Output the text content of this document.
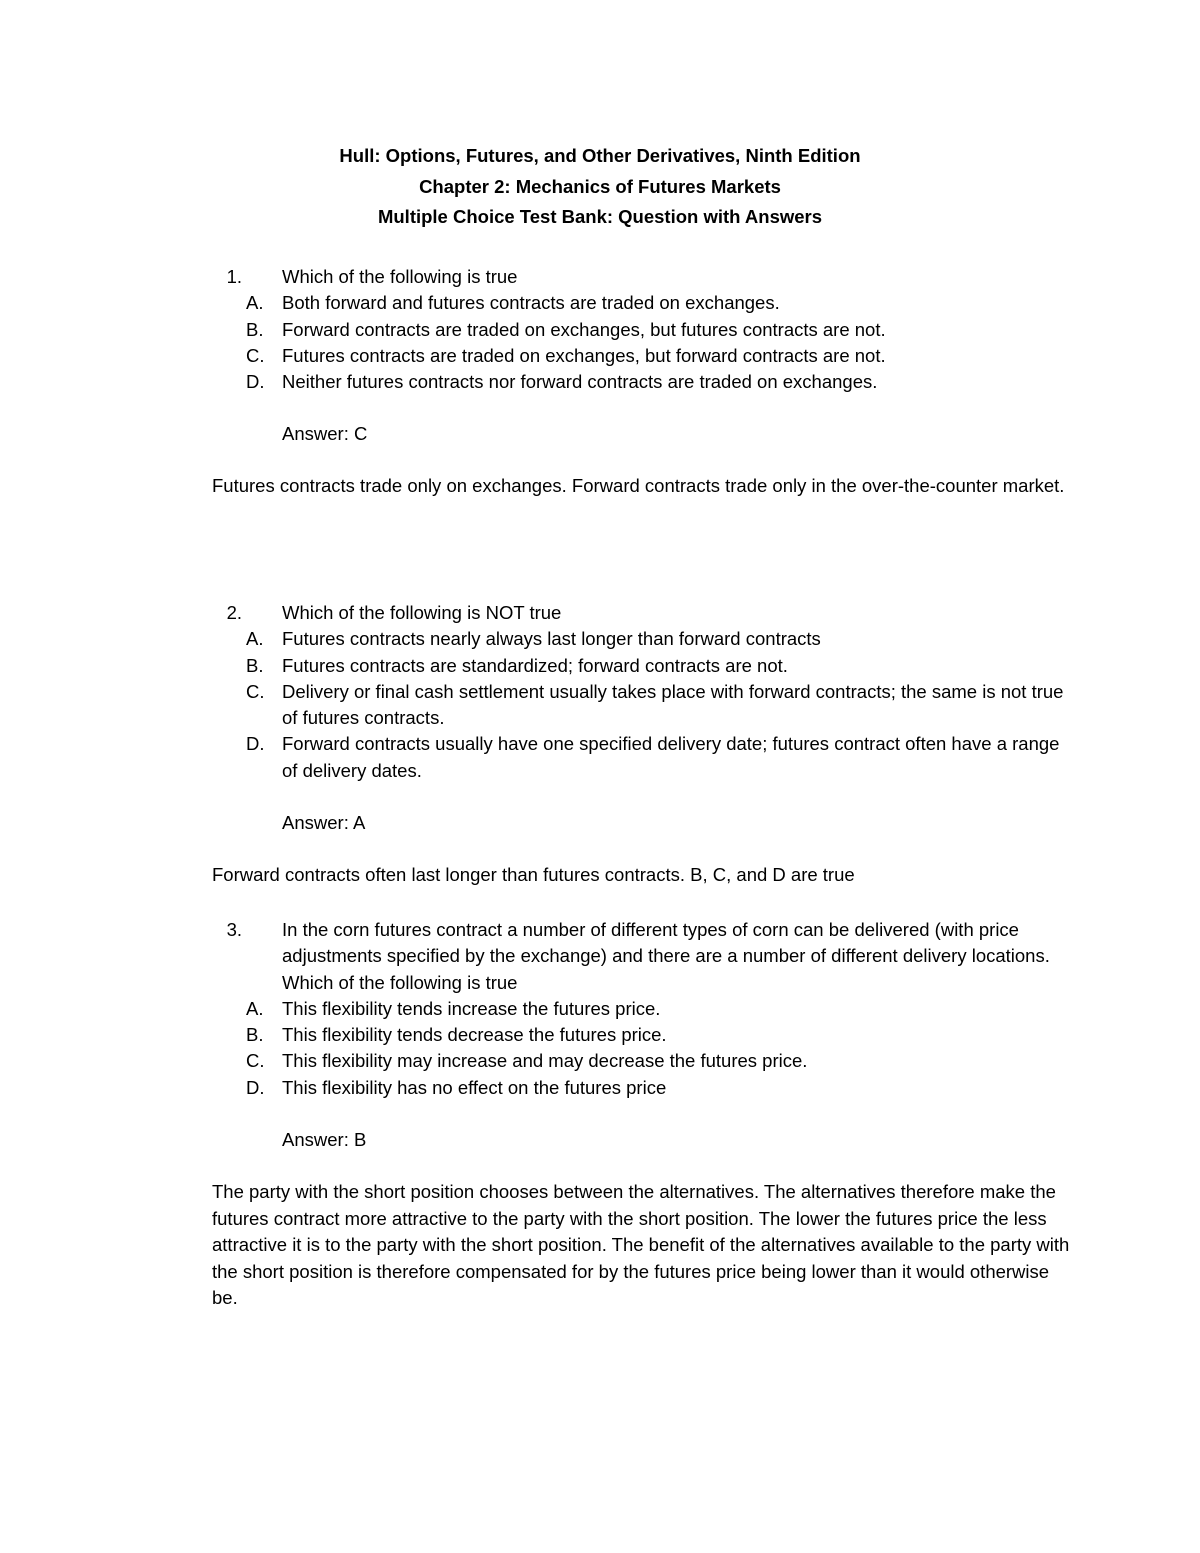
Hull: Options, Futures, and Other Derivatives, Ninth Edition
Chapter 2: Mechanics of Futures Markets
Multiple Choice Test Bank: Question with Answers
1. Which of the following is true
A. Both forward and futures contracts are traded on exchanges.
B. Forward contracts are traded on exchanges, but futures contracts are not.
C. Futures contracts are traded on exchanges, but forward contracts are not.
D. Neither futures contracts nor forward contracts are traded on exchanges.
Answer: C
Futures contracts trade only on exchanges. Forward contracts trade only in the over-the-counter market.
2. Which of the following is NOT true
A. Futures contracts nearly always last longer than forward contracts
B. Futures contracts are standardized; forward contracts are not.
C. Delivery or final cash settlement usually takes place with forward contracts; the same is not true of futures contracts.
D. Forward contracts usually have one specified delivery date; futures contract often have a range of delivery dates.
Answer: A
Forward contracts often last longer than futures contracts. B, C, and D are true
3. In the corn futures contract a number of different types of corn can be delivered (with price adjustments specified by the exchange) and there are a number of different delivery locations. Which of the following is true
A. This flexibility tends increase the futures price.
B. This flexibility tends decrease the futures price.
C. This flexibility may increase and may decrease the futures price.
D. This flexibility has no effect on the futures price
Answer: B
The party with the short position chooses between the alternatives. The alternatives therefore make the futures contract more attractive to the party with the short position. The lower the futures price the less attractive it is to the party with the short position. The benefit of the alternatives available to the party with the short position is therefore compensated for by the futures price being lower than it would otherwise be.
